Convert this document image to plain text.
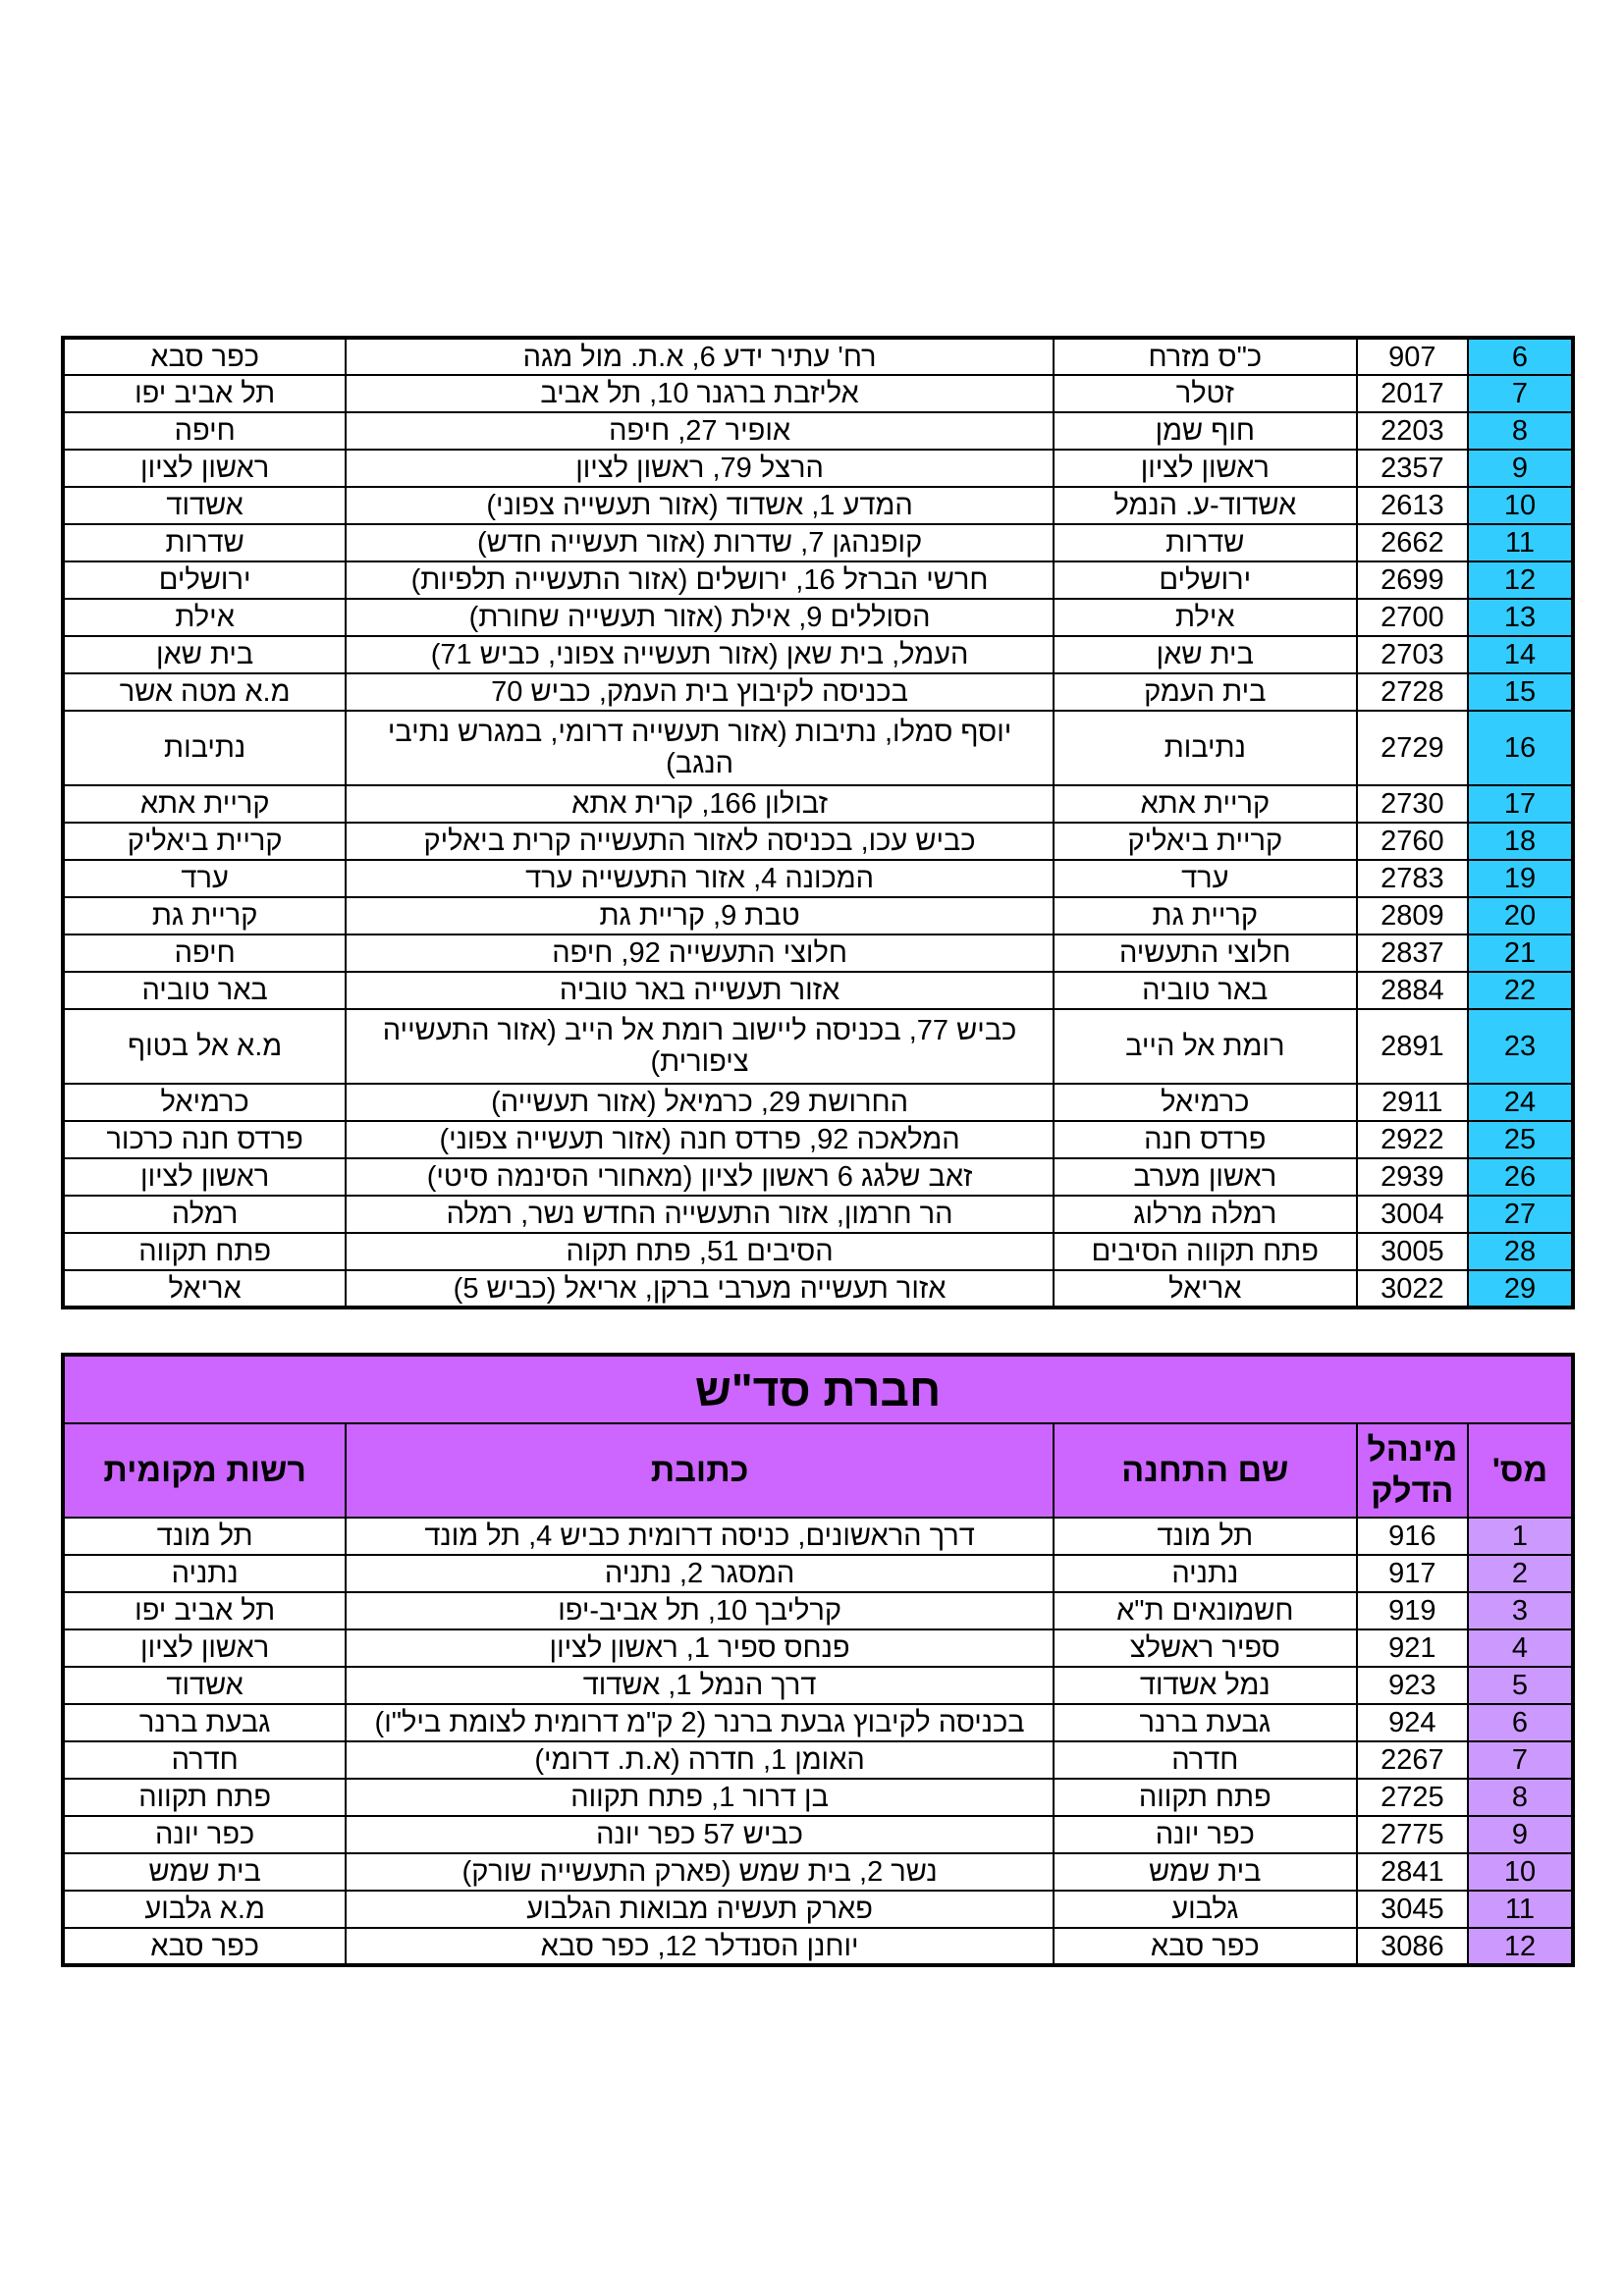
6	907	כ"ס מזרח	רח' עתיר ידע 6, א.ת. מול מגה	כפר סבא
7	2017	זטלר	אליזבת ברגנר 10, תל אביב	תל אביב יפו
8	2203	חוף שמן	אופיר 27, חיפה	חיפה
9	2357	ראשון לציון	הרצל 79, ראשון לציון	ראשון לציון
10	2613	אשדוד-ע. הנמל	המדע 1, אשדוד (אזור תעשייה צפוני)	אשדוד
11	2662	שדרות	קופנהגן 7, שדרות (אזור תעשייה חדש)	שדרות
12	2699	ירושלים	חרשי הברזל 16, ירושלים (אזור התעשייה תלפיות)	ירושלים
13	2700	אילת	הסוללים 9, אילת (אזור תעשייה שחורת)	אילת
14	2703	בית שאן	העמל, בית שאן (אזור תעשייה צפוני, כביש 71)	בית שאן
15	2728	בית העמק	בכניסה לקיבוץ בית העמק, כביש 70	מ.א מטה אשר
16	2729	נתיבות	יוסף סמלו, נתיבות (אזור תעשייה דרומי, במגרש נתיבי הנגב)	נתיבות
17	2730	קריית אתא	זבולון 166, קרית אתא	קריית אתא
18	2760	קריית ביאליק	כביש עכו, בכניסה לאזור התעשייה קרית ביאליק	קריית ביאליק
19	2783	ערד	המכונה 4, אזור התעשייה ערד	ערד
20	2809	קריית גת	טבת 9, קריית גת	קריית גת
21	2837	חלוצי התעשיה	חלוצי התעשייה 92, חיפה	חיפה
22	2884	באר טוביה	אזור תעשייה באר טוביה	באר טוביה
23	2891	רומת אל הייב	כביש 77, בכניסה ליישוב רומת אל הייב (אזור התעשייה ציפורית)	מ.א אל בטוף
24	2911	כרמיאל	החרושת 29, כרמיאל (אזור תעשייה)	כרמיאל
25	2922	פרדס חנה	המלאכה 92, פרדס חנה (אזור תעשייה צפוני)	פרדס חנה כרכור
26	2939	ראשון מערב	זאב שלגג 6 ראשון לציון (מאחורי הסינמה סיטי)	ראשון לציון
27	3004	רמלה מרלוג	הר חרמון, אזור התעשייה החדש נשר, רמלה	רמלה
28	3005	פתח תקווה הסיבים	הסיבים 51, פתח תקוה	פתח תקווה
29	3022	אריאל	אזור תעשייה מערבי ברקן, אריאל (כביש 5)	אריאל
חברת סד"ש				
מס'	מינהל הדלק	שם התחנה	כתובת	רשות מקומית
1	916	תל מונד	דרך הראשונים, כניסה דרומית כביש 4, תל מונד	תל מונד
2	917	נתניה	המסגר 2, נתניה	נתניה
3	919	חשמונאים ת"א	קרליבך 10, תל אביב-יפו	תל אביב יפו
4	921	ספיר ראשלצ	פנחס ספיר 1, ראשון לציון	ראשון לציון
5	923	נמל אשדוד	דרך הנמל 1, אשדוד	אשדוד
6	924	גבעת ברנר	בכניסה לקיבוץ גבעת ברנר (2 ק"מ דרומית לצומת ביל"ו)	גבעת ברנר
7	2267	חדרה	האומן 1, חדרה (א.ת. דרומי)	חדרה
8	2725	פתח תקווה	בן דרור 1, פתח תקווה	פתח תקווה
9	2775	כפר יונה	כביש 57 כפר יונה	כפר יונה
10	2841	בית שמש	נשר 2, בית שמש (פארק התעשייה שורק)	בית שמש
11	3045	גלבוע	פארק תעשיה מבואות הגלבוע	מ.א גלבוע
12	3086	כפר סבא	יוחנן הסנדלר 12, כפר סבא	כפר סבא
